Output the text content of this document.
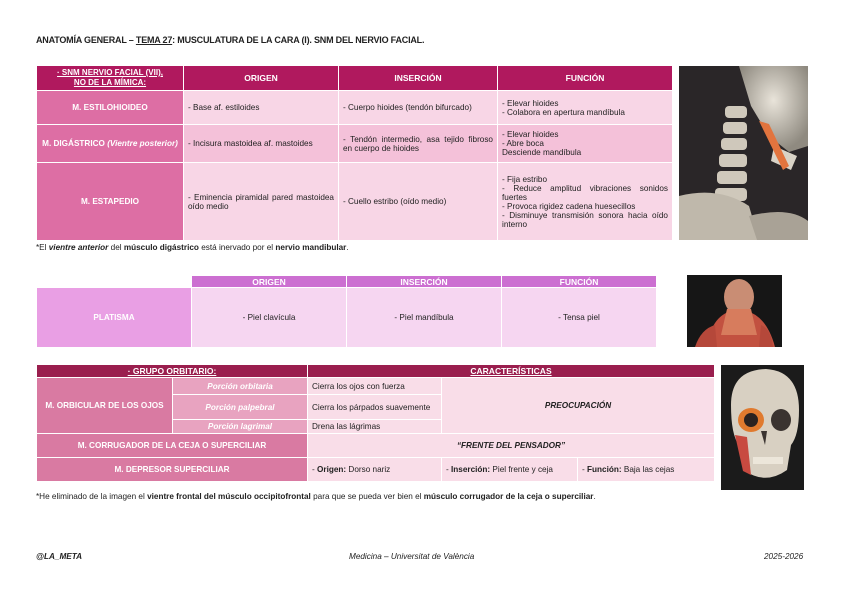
ANATOMÍA GENERAL – TEMA 27: MUSCULATURA DE LA CARA (I). SNM DEL NERVIO FACIAL.
· SNM NERVIO FACIAL (VII),
NO DE LA MÍMICA:	ORIGEN	INSERCIÓN	FUNCIÓN
M. ESTILOHIOIDEO	- Base af. estiloides	- Cuerpo hioides (tendón bifurcado)	- Elevar hioides
- Colabora en apertura mandíbula

M. DIGÁSTRICO (Vientre posterior)	- Incisura mastoidea af. mastoides	- Tendón intermedio, asa tejido fibroso en cuerpo de hioides	- Elevar hioides
- Abre boca
Desciende mandíbula

M. ESTAPEDIO	- Eminencia piramidal pared mastoidea oído medio	- Cuello estribo (oído medio)	- Fija estribo
- Reduce amplitud vibraciones sonidos fuertes
- Provoca rigidez cadena huesecillos
- Disminuye transmisión sonora hacia oído interno
*El vientre anterior del músculo digástrico está inervado por el nervio mandibular.
	ORIGEN	INSERCIÓN	FUNCIÓN
PLATISMA	- Piel clavícula	- Piel mandíbula	- Tensa piel
· GRUPO ORBITARIO:		CARACTERÍSTICAS		
M. ORBICULAR DE LOS OJOS	Porción orbitaria	Cierra los ojos con fuerza	PREOCUPACIÓN	
	Porción palpebral	Cierra los párpados suavemente		
	Porción lagrimal	Drena las lágrimas		
M. CORRUGADOR DE LA CEJA O SUPERCILIAR		“FRENTE DEL PENSADOR”		
M. DEPRESOR SUPERCILIAR		- Origen: Dorso nariz	- Inserción: Piel frente y ceja	- Función: Baja las cejas
*He eliminado de la imagen el vientre frontal del músculo occipitofrontal para que se pueda ver bien el músculo corrugador de la ceja o superciliar.
@LA_META	Medicina – Universitat de València	2025-2026
